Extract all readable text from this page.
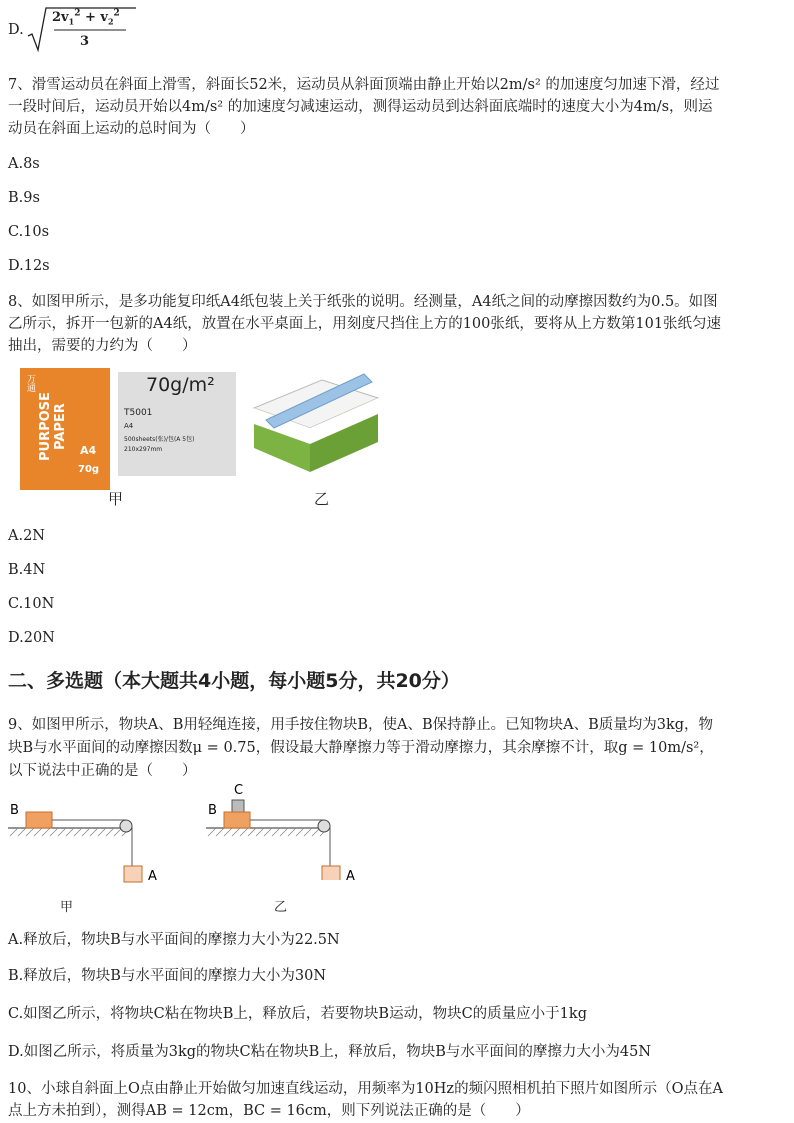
D.
$2v_1^2 + v_2^2$
3
7、滑雪运动员在斜面上滑雪，斜面长52米，运动员从斜面顶端由静止开始以2m/s² 的加速度匀加速下滑，经过
一段时间后，运动员开始以4m/s² 的加速度匀减速运动，测得运动员到达斜面底端时的速度大小为4m/s，则运
动员在斜面上运动的总时间为（　　）
A.8s
B.9s
C.10s
D.12s
8、如图甲所示，是多功能复印纸A4纸包装上关于纸张的说明。经测量，A4纸之间的动摩擦因数约为0.5。如图
乙所示，拆开一包新的A4纸，放置在水平桌面上，用刻度尺挡住上方的100张纸，要将从上方数第101张纸匀速
抽出，需要的力约为（　　）
万通
PURPOSE PAPER
A4
70g
70g/m²
T5001
A4
500sheets(张)/包(A 5包)
210x297mm
甲	乙
A.2N
B.4N
C.10N
D.20N
二、多选题（本大题共4小题，每小题5分，共20分）
9、如图甲所示，物块A、B用轻绳连接，用手按住物块B，使A、B保持静止。已知物块A、B质量均为3kg，物
块B与水平面间的动摩擦因数μ = 0.75，假设最大静摩擦力等于滑动摩擦力，其余摩擦不计，取g = 10m/s²，
以下说法中正确的是（　　）
B
A
甲
C
B
A
乙
A.释放后，物块B与水平面间的摩擦力大小为22.5N
B.释放后，物块B与水平面间的摩擦力大小为30N
C.如图乙所示，将物块C粘在物块B上，释放后，若要物块B运动，物块C的质量应小于1kg
D.如图乙所示，将质量为3kg的物块C粘在物块B上，释放后，物块B与水平面间的摩擦力大小为45N
10、小球自斜面上O点由静止开始做匀加速直线运动，用频率为10Hz的频闪照相机拍下照片如图所示（O点在A
点上方未拍到），测得AB = 12cm，BC = 16cm，则下列说法正确的是（　　）
